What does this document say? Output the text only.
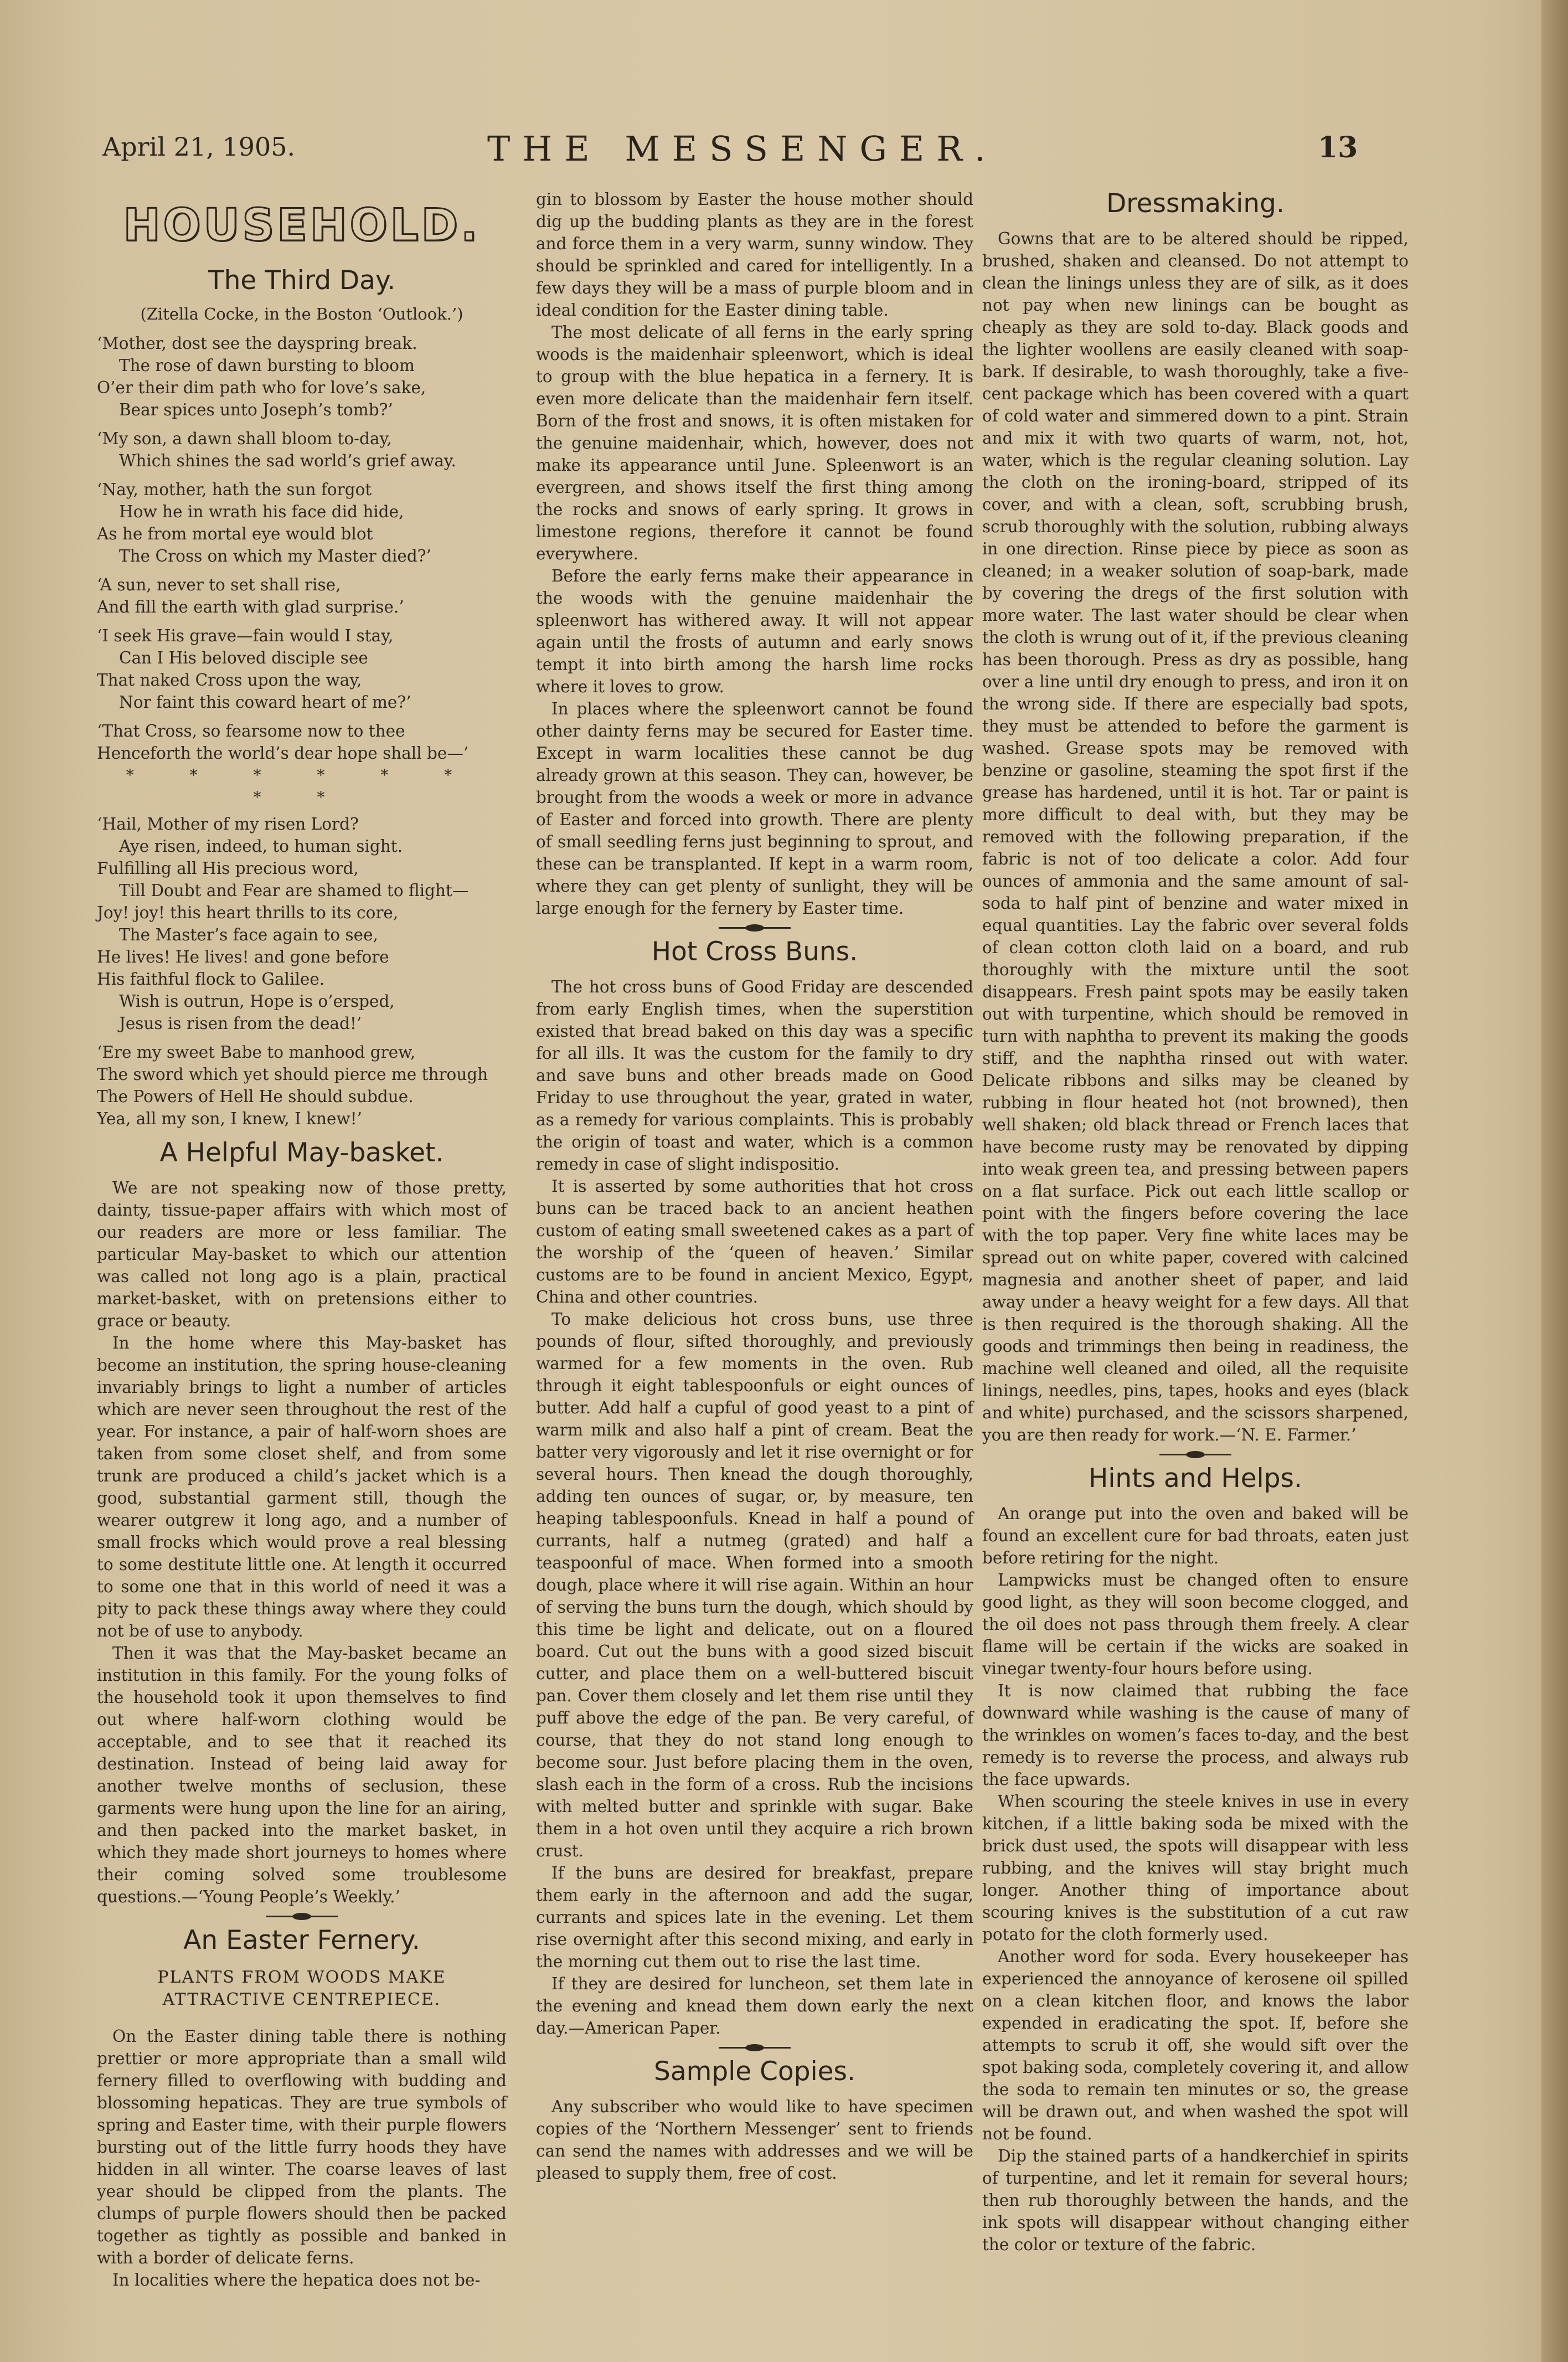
April 21, 1905.	THE MESSENGER.	13
HOUSEHOLD.
The Third Day.
(Zitella Cocke, in the Boston ‘Outlook.’)
‘Mother, dost see the dayspring break.
The rose of dawn bursting to bloom
O’er their dim path who for love’s sake,
Bear spices unto Joseph’s tomb?’
‘My son, a dawn shall bloom to-day,
Which shines the sad world’s grief away.
‘Nay, mother, hath the sun forgot
How he in wrath his face did hide,
As he from mortal eye would blot
The Cross on which my Master died?’
‘A sun, never to set shall rise,
And fill the earth with glad surprise.’
‘I seek His grave—fain would I stay,
Can I His beloved disciple see
That naked Cross upon the way,
Nor faint this coward heart of me?’
‘That Cross, so fearsome now to thee
Henceforth the world’s dear hope shall be—’
* * * * * * * *
‘Hail, Mother of my risen Lord?
Aye risen, indeed, to human sight.
Fulfilling all His precious word,
Till Doubt and Fear are shamed to flight—
Joy! joy! this heart thrills to its core,
The Master’s face again to see,
He lives! He lives! and gone before
His faithful flock to Galilee.
Wish is outrun, Hope is o’ersped,
Jesus is risen from the dead!’
‘Ere my sweet Babe to manhood grew,
The sword which yet should pierce me through
The Powers of Hell He should subdue.
Yea, all my son, I knew, I knew!’
A Helpful May-basket.

We are not speaking now of those pretty, dainty, tissue-paper affairs with which most of our readers are more or less familiar. The particular May-basket to which our attention was called not long ago is a plain, practical market-basket, with on pretensions either to grace or beauty.

In the home where this May-basket has become an institution, the spring house-cleaning invariably brings to light a number of articles which are never seen throughout the rest of the year. For instance, a pair of half-worn shoes are taken from some closet shelf, and from some trunk are produced a child’s jacket which is a good, substantial garment still, though the wearer outgrew it long ago, and a number of small frocks which would prove a real blessing to some destitute little one. At length it occurred to some one that in this world of need it was a pity to pack these things away where they could not be of use to anybody.

Then it was that the May-basket became an institution in this family. For the young folks of the household took it upon themselves to find out where half-worn clothing would be acceptable, and to see that it reached its destination. Instead of being laid away for another twelve months of seclusion, these garments were hung upon the line for an airing, and then packed into the market basket, in which they made short journeys to homes where their coming solved some troublesome questions.—‘Young People’s Weekly.’

An Easter Fernery.
PLANTS FROM WOODS MAKE ATTRACTIVE CENTREPIECE.

On the Easter dining table there is nothing prettier or more appropriate than a small wild fernery filled to overflowing with budding and blossoming hepaticas. They are true symbols of spring and Easter time, with their purple flowers bursting out of the little furry hoods they have hidden in all winter. The coarse leaves of last year should be clipped from the plants. The clumps of purple flowers should then be packed together as tightly as possible and banked in with a border of delicate ferns.

In localities where the hepatica does not be-

gin to blossom by Easter the house mother should dig up the budding plants as they are in the forest and force them in a very warm, sunny window. They should be sprinkled and cared for intelligently. In a few days they will be a mass of purple bloom and in ideal condition for the Easter dining table.

The most delicate of all ferns in the early spring woods is the maidenhair spleenwort, which is ideal to group with the blue hepatica in a fernery. It is even more delicate than the maidenhair fern itself. Born of the frost and snows, it is often mistaken for the genuine maidenhair, which, however, does not make its appearance until June. Spleenwort is an evergreen, and shows itself the first thing among the rocks and snows of early spring. It grows in limestone regions, therefore it cannot be found everywhere.

Before the early ferns make their appearance in the woods with the genuine maidenhair the spleenwort has withered away. It will not appear again until the frosts of autumn and early snows tempt it into birth among the harsh lime rocks where it loves to grow.

In places where the spleenwort cannot be found other dainty ferns may be secured for Easter time. Except in warm localities these cannot be dug already grown at this season. They can, however, be brought from the woods a week or more in advance of Easter and forced into growth. There are plenty of small seedling ferns just beginning to sprout, and these can be transplanted. If kept in a warm room, where they can get plenty of sunlight, they will be large enough for the fernery by Easter time.

Hot Cross Buns.

The hot cross buns of Good Friday are descended from early English times, when the superstition existed that bread baked on this day was a specific for all ills. It was the custom for the family to dry and save buns and other breads made on Good Friday to use throughout the year, grated in water, as a remedy for various complaints. This is probably the origin of toast and water, which is a common remedy in case of slight indispositio.

It is asserted by some authorities that hot cross buns can be traced back to an ancient heathen custom of eating small sweetened cakes as a part of the worship of the ‘queen of heaven.’ Similar customs are to be found in ancient Mexico, Egypt, China and other countries.

To make delicious hot cross buns, use three pounds of flour, sifted thoroughly, and previously warmed for a few moments in the oven. Rub through it eight tablespoonfuls or eight ounces of butter. Add half a cupful of good yeast to a pint of warm milk and also half a pint of cream. Beat the batter very vigorously and let it rise overnight or for several hours. Then knead the dough thoroughly, adding ten ounces of sugar, or, by measure, ten heaping tablespoonfuls. Knead in half a pound of currants, half a nutmeg (grated) and half a teaspoonful of mace. When formed into a smooth dough, place where it will rise again. Within an hour of serving the buns turn the dough, which should by this time be light and delicate, out on a floured board. Cut out the buns with a good sized biscuit cutter, and place them on a well-buttered biscuit pan. Cover them closely and let them rise until they puff above the edge of the pan. Be very careful, of course, that they do not stand long enough to become sour. Just before placing them in the oven, slash each in the form of a cross. Rub the incisions with melted butter and sprinkle with sugar. Bake them in a hot oven until they acquire a rich brown crust.

If the buns are desired for breakfast, prepare them early in the afternoon and add the sugar, currants and spices late in the evening. Let them rise overnight after this second mixing, and early in the morning cut them out to rise the last time.

If they are desired for luncheon, set them late in the evening and knead them down early the next day.—American Paper.

Sample Copies.

Any subscriber who would like to have specimen copies of the ‘Northern Messenger’ sent to friends can send the names with addresses and we will be pleased to supply them, free of cost.

Dressmaking.

Gowns that are to be altered should be ripped, brushed, shaken and cleansed. Do not attempt to clean the linings unless they are of silk, as it does not pay when new linings can be bought as cheaply as they are sold to-day. Black goods and the lighter woollens are easily cleaned with soap-bark. If desirable, to wash thoroughly, take a five-cent package which has been covered with a quart of cold water and simmered down to a pint. Strain and mix it with two quarts of warm, not, hot, water, which is the regular cleaning solution. Lay the cloth on the ironing-board, stripped of its cover, and with a clean, soft, scrubbing brush, scrub thoroughly with the solution, rubbing always in one direction. Rinse piece by piece as soon as cleaned; in a weaker solution of soap-bark, made by covering the dregs of the first solution with more water. The last water should be clear when the cloth is wrung out of it, if the previous cleaning has been thorough. Press as dry as possible, hang over a line until dry enough to press, and iron it on the wrong side. If there are especially bad spots, they must be attended to before the garment is washed. Grease spots may be removed with benzine or gasoline, steaming the spot first if the grease has hardened, until it is hot. Tar or paint is more difficult to deal with, but they may be removed with the following preparation, if the fabric is not of too delicate a color. Add four ounces of ammonia and the same amount of sal-soda to half pint of benzine and water mixed in equal quantities. Lay the fabric over several folds of clean cotton cloth laid on a board, and rub thoroughly with the mixture until the soot disappears. Fresh paint spots may be easily taken out with turpentine, which should be removed in turn with naphtha to prevent its making the goods stiff, and the naphtha rinsed out with water. Delicate ribbons and silks may be cleaned by rubbing in flour heated hot (not browned), then well shaken; old black thread or French laces that have become rusty may be renovated by dipping into weak green tea, and pressing between papers on a flat surface. Pick out each little scallop or point with the fingers before covering the lace with the top paper. Very fine white laces may be spread out on white paper, covered with calcined magnesia and another sheet of paper, and laid away under a heavy weight for a few days. All that is then required is the thorough shaking. All the goods and trimmings then being in readiness, the machine well cleaned and oiled, all the requisite linings, needles, pins, tapes, hooks and eyes (black and white) purchased, and the scissors sharpened, you are then ready for work.—‘N. E. Farmer.’

Hints and Helps.

An orange put into the oven and baked will be found an excellent cure for bad throats, eaten just before retiring for the night.

Lampwicks must be changed often to ensure good light, as they will soon become clogged, and the oil does not pass through them freely. A clear flame will be certain if the wicks are soaked in vinegar twenty-four hours before using.

It is now claimed that rubbing the face downward while washing is the cause of many of the wrinkles on women’s faces to-day, and the best remedy is to reverse the process, and always rub the face upwards.

When scouring the steele knives in use in every kitchen, if a little baking soda be mixed with the brick dust used, the spots will disappear with less rubbing, and the knives will stay bright much longer. Another thing of importance about scouring knives is the substitution of a cut raw potato for the cloth formerly used.

Another word for soda. Every housekeeper has experienced the annoyance of kerosene oil spilled on a clean kitchen floor, and knows the labor expended in eradicating the spot. If, before she attempts to scrub it off, she would sift over the spot baking soda, completely covering it, and allow the soda to remain ten minutes or so, the grease will be drawn out, and when washed the spot will not be found.

Dip the stained parts of a handkerchief in spirits of turpentine, and let it remain for several hours; then rub thoroughly between the hands, and the ink spots will disappear without changing either the color or texture of the fabric.
